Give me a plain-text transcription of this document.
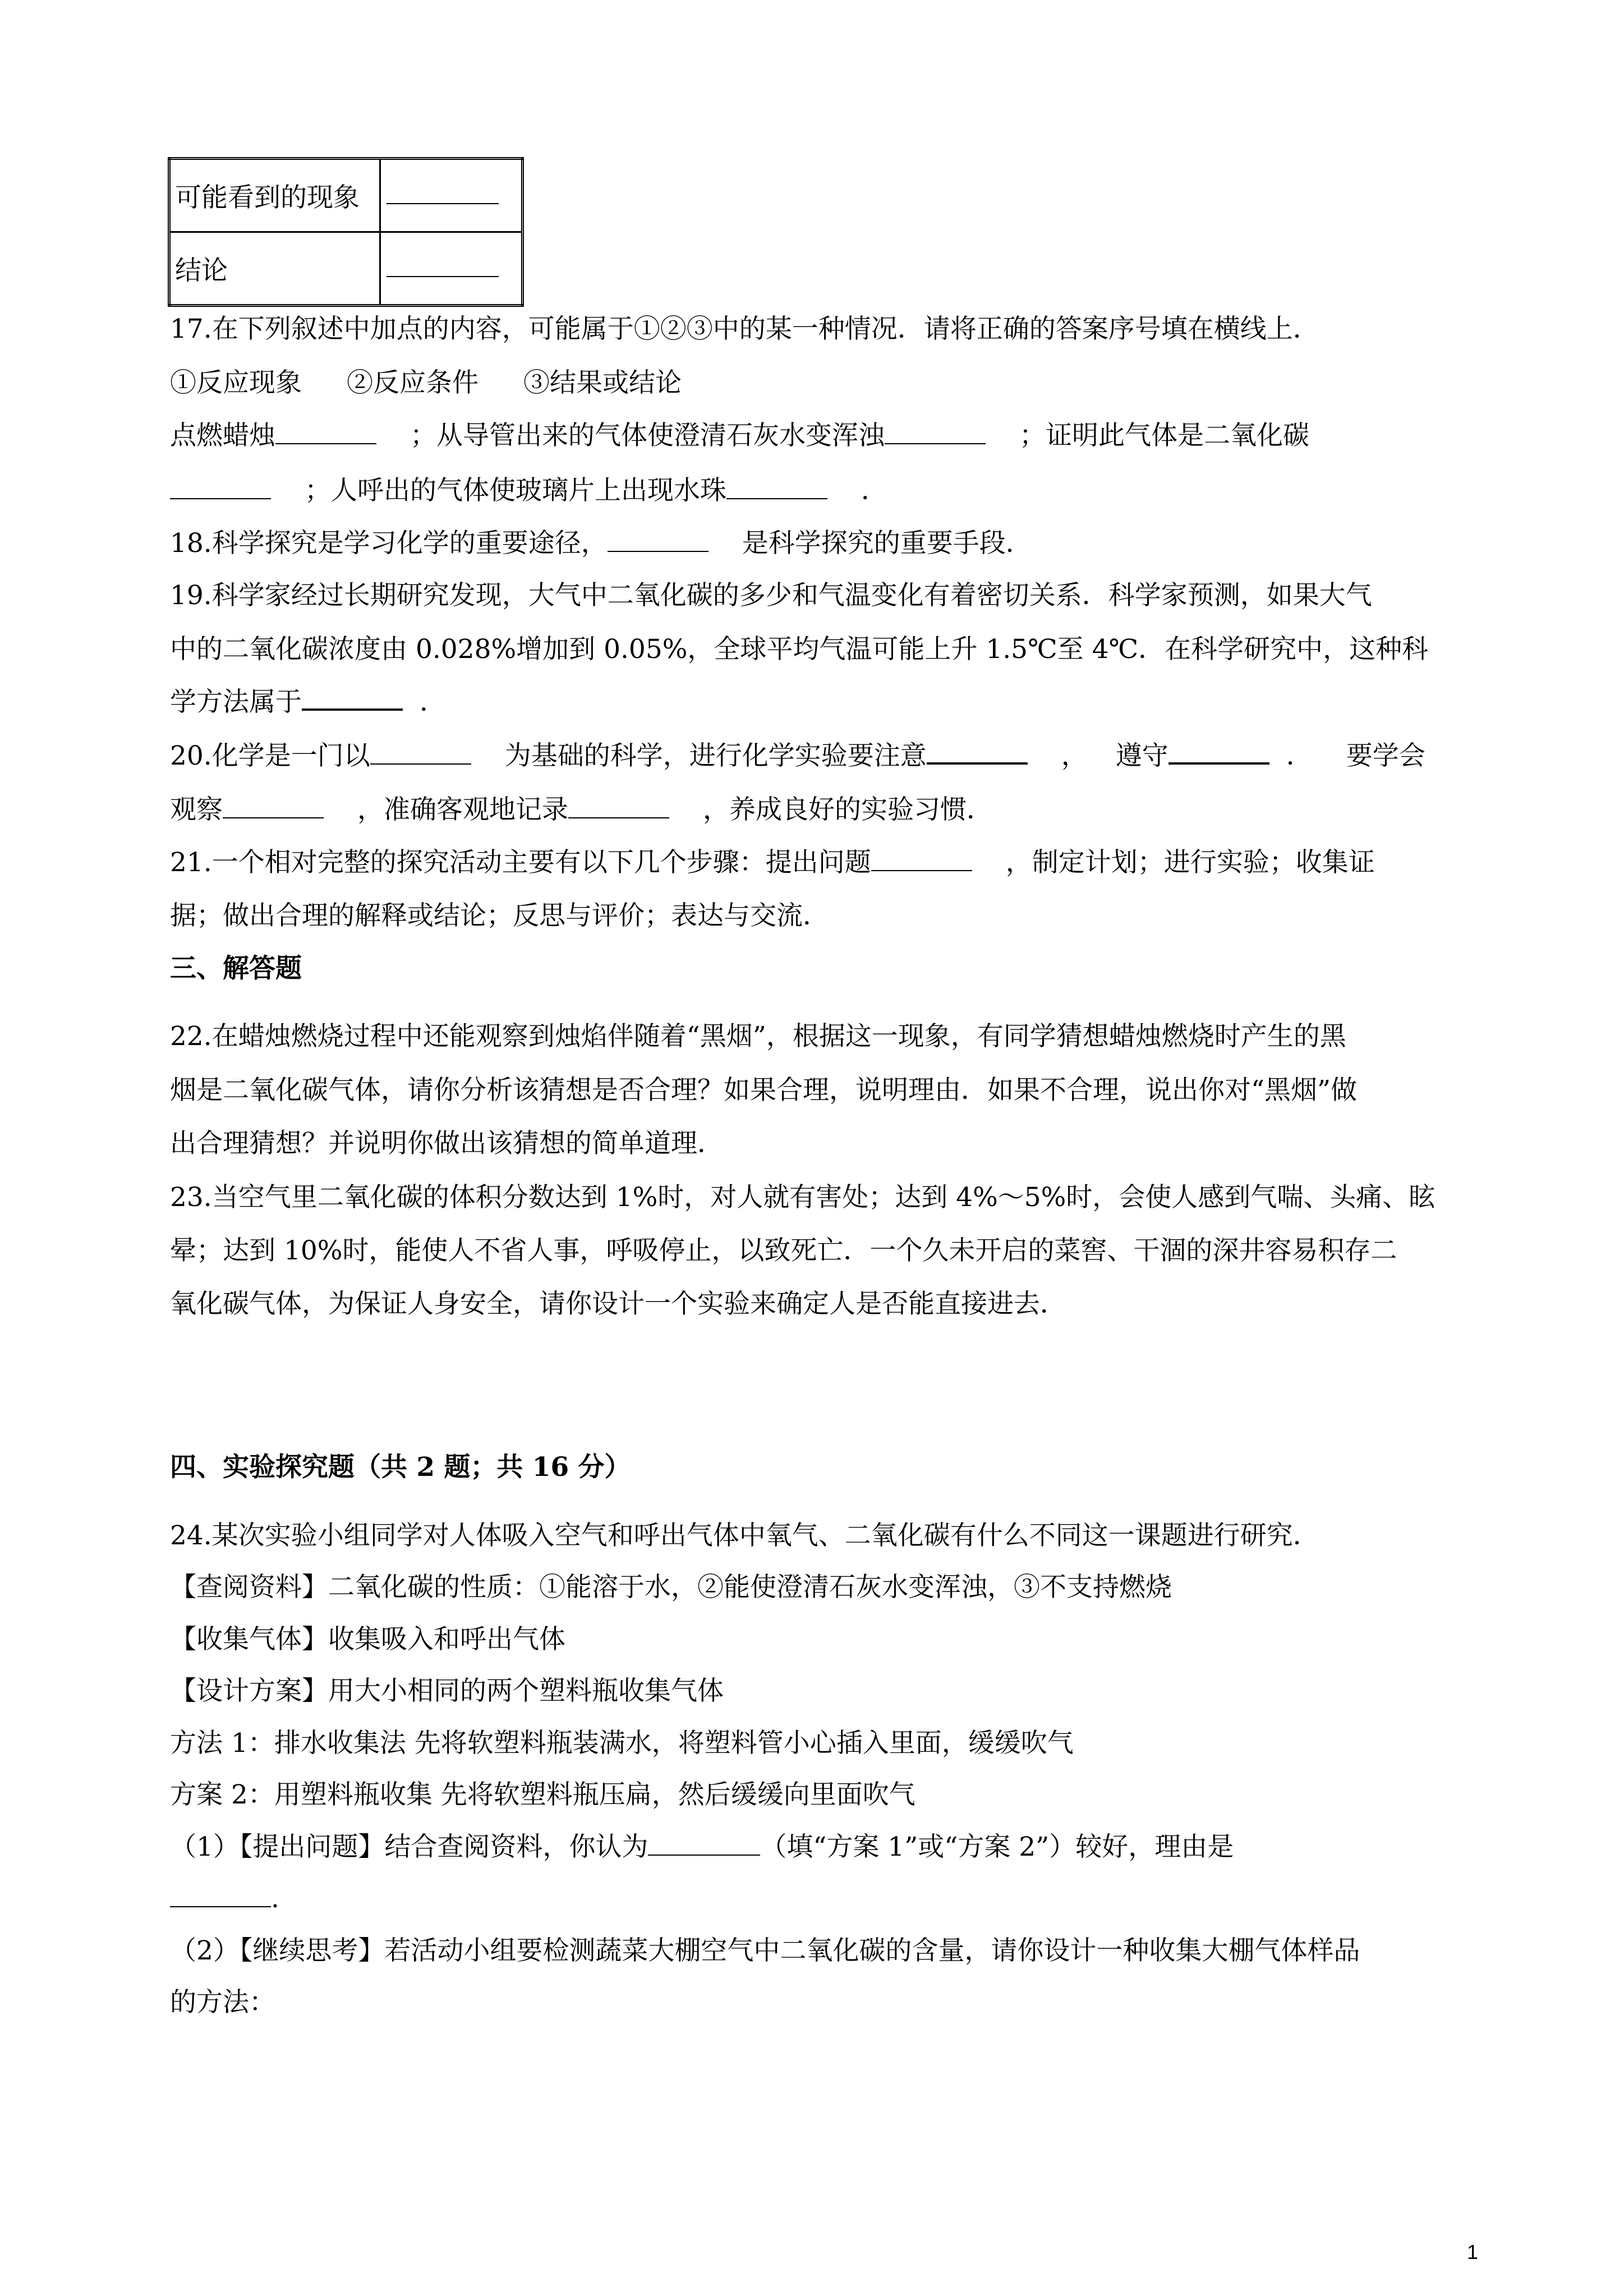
可能看到的现象	
结论	
17.在下列叙述中加点的内容，可能属于①②③中的某一种情况．请将正确的答案序号填在横线上．
①反应现象 ②反应条件 ③结果或结论
点燃蜡烛	；从导管出来的气体使澄清石灰水变浑浊	；证明此气体是二氧化碳
；人呼出的气体使玻璃片上出现水珠	．
18.科学探究是学习化学的重要途径，	是科学探究的重要手段．
19.科学家经过长期研究发现，大气中二氧化碳的多少和气温变化有着密切关系．科学家预测，如果大气
中的二氧化碳浓度由 0.028%增加到 0.05%，全球平均气温可能上升 1.5℃至 4℃．在科学研究中，这种科
学方法属于	．
20.化学是一门以	为基础的科学，进行化学实验要注意	， 遵守	． 要学会
观察	，准确客观地记录	，养成良好的实验习惯．
21.一个相对完整的探究活动主要有以下几个步骤：提出问题	，制定计划；进行实验；收集证
据；做出合理的解释或结论；反思与评价；表达与交流．
三、解答题
22.在蜡烛燃烧过程中还能观察到烛焰伴随着“黑烟”，根据这一现象，有同学猜想蜡烛燃烧时产生的黑
烟是二氧化碳气体，请你分析该猜想是否合理？如果合理，说明理由．如果不合理，说出你对“黑烟”做
出合理猜想？并说明你做出该猜想的简单道理．
23.当空气里二氧化碳的体积分数达到 1%时，对人就有害处；达到 4%～5%时，会使人感到气喘、头痛、眩
晕；达到 10%时，能使人不省人事，呼吸停止，以致死亡．一个久未开启的菜窖、干涸的深井容易积存二
氧化碳气体，为保证人身安全，请你设计一个实验来确定人是否能直接进去．
四、实验探究题（共 2 题；共 16 分）
24.某次实验小组同学对人体吸入空气和呼出气体中氧气、二氧化碳有什么不同这一课题进行研究．
【查阅资料】二氧化碳的性质：①能溶于水，②能使澄清石灰水变浑浊，③不支持燃烧
【收集气体】收集吸入和呼出气体
【设计方案】用大小相同的两个塑料瓶收集气体
方法 1：排水收集法 先将软塑料瓶装满水，将塑料管小心插入里面，缓缓吹气
方案 2：用塑料瓶收集 先将软塑料瓶压扁，然后缓缓向里面吹气
（1）【提出问题】结合查阅资料，你认为	（填“方案 1”或“方案 2”）较好，理由是
.
（2）【继续思考】若活动小组要检测蔬菜大棚空气中二氧化碳的含量，请你设计一种收集大棚气体样品
的方法：
1
